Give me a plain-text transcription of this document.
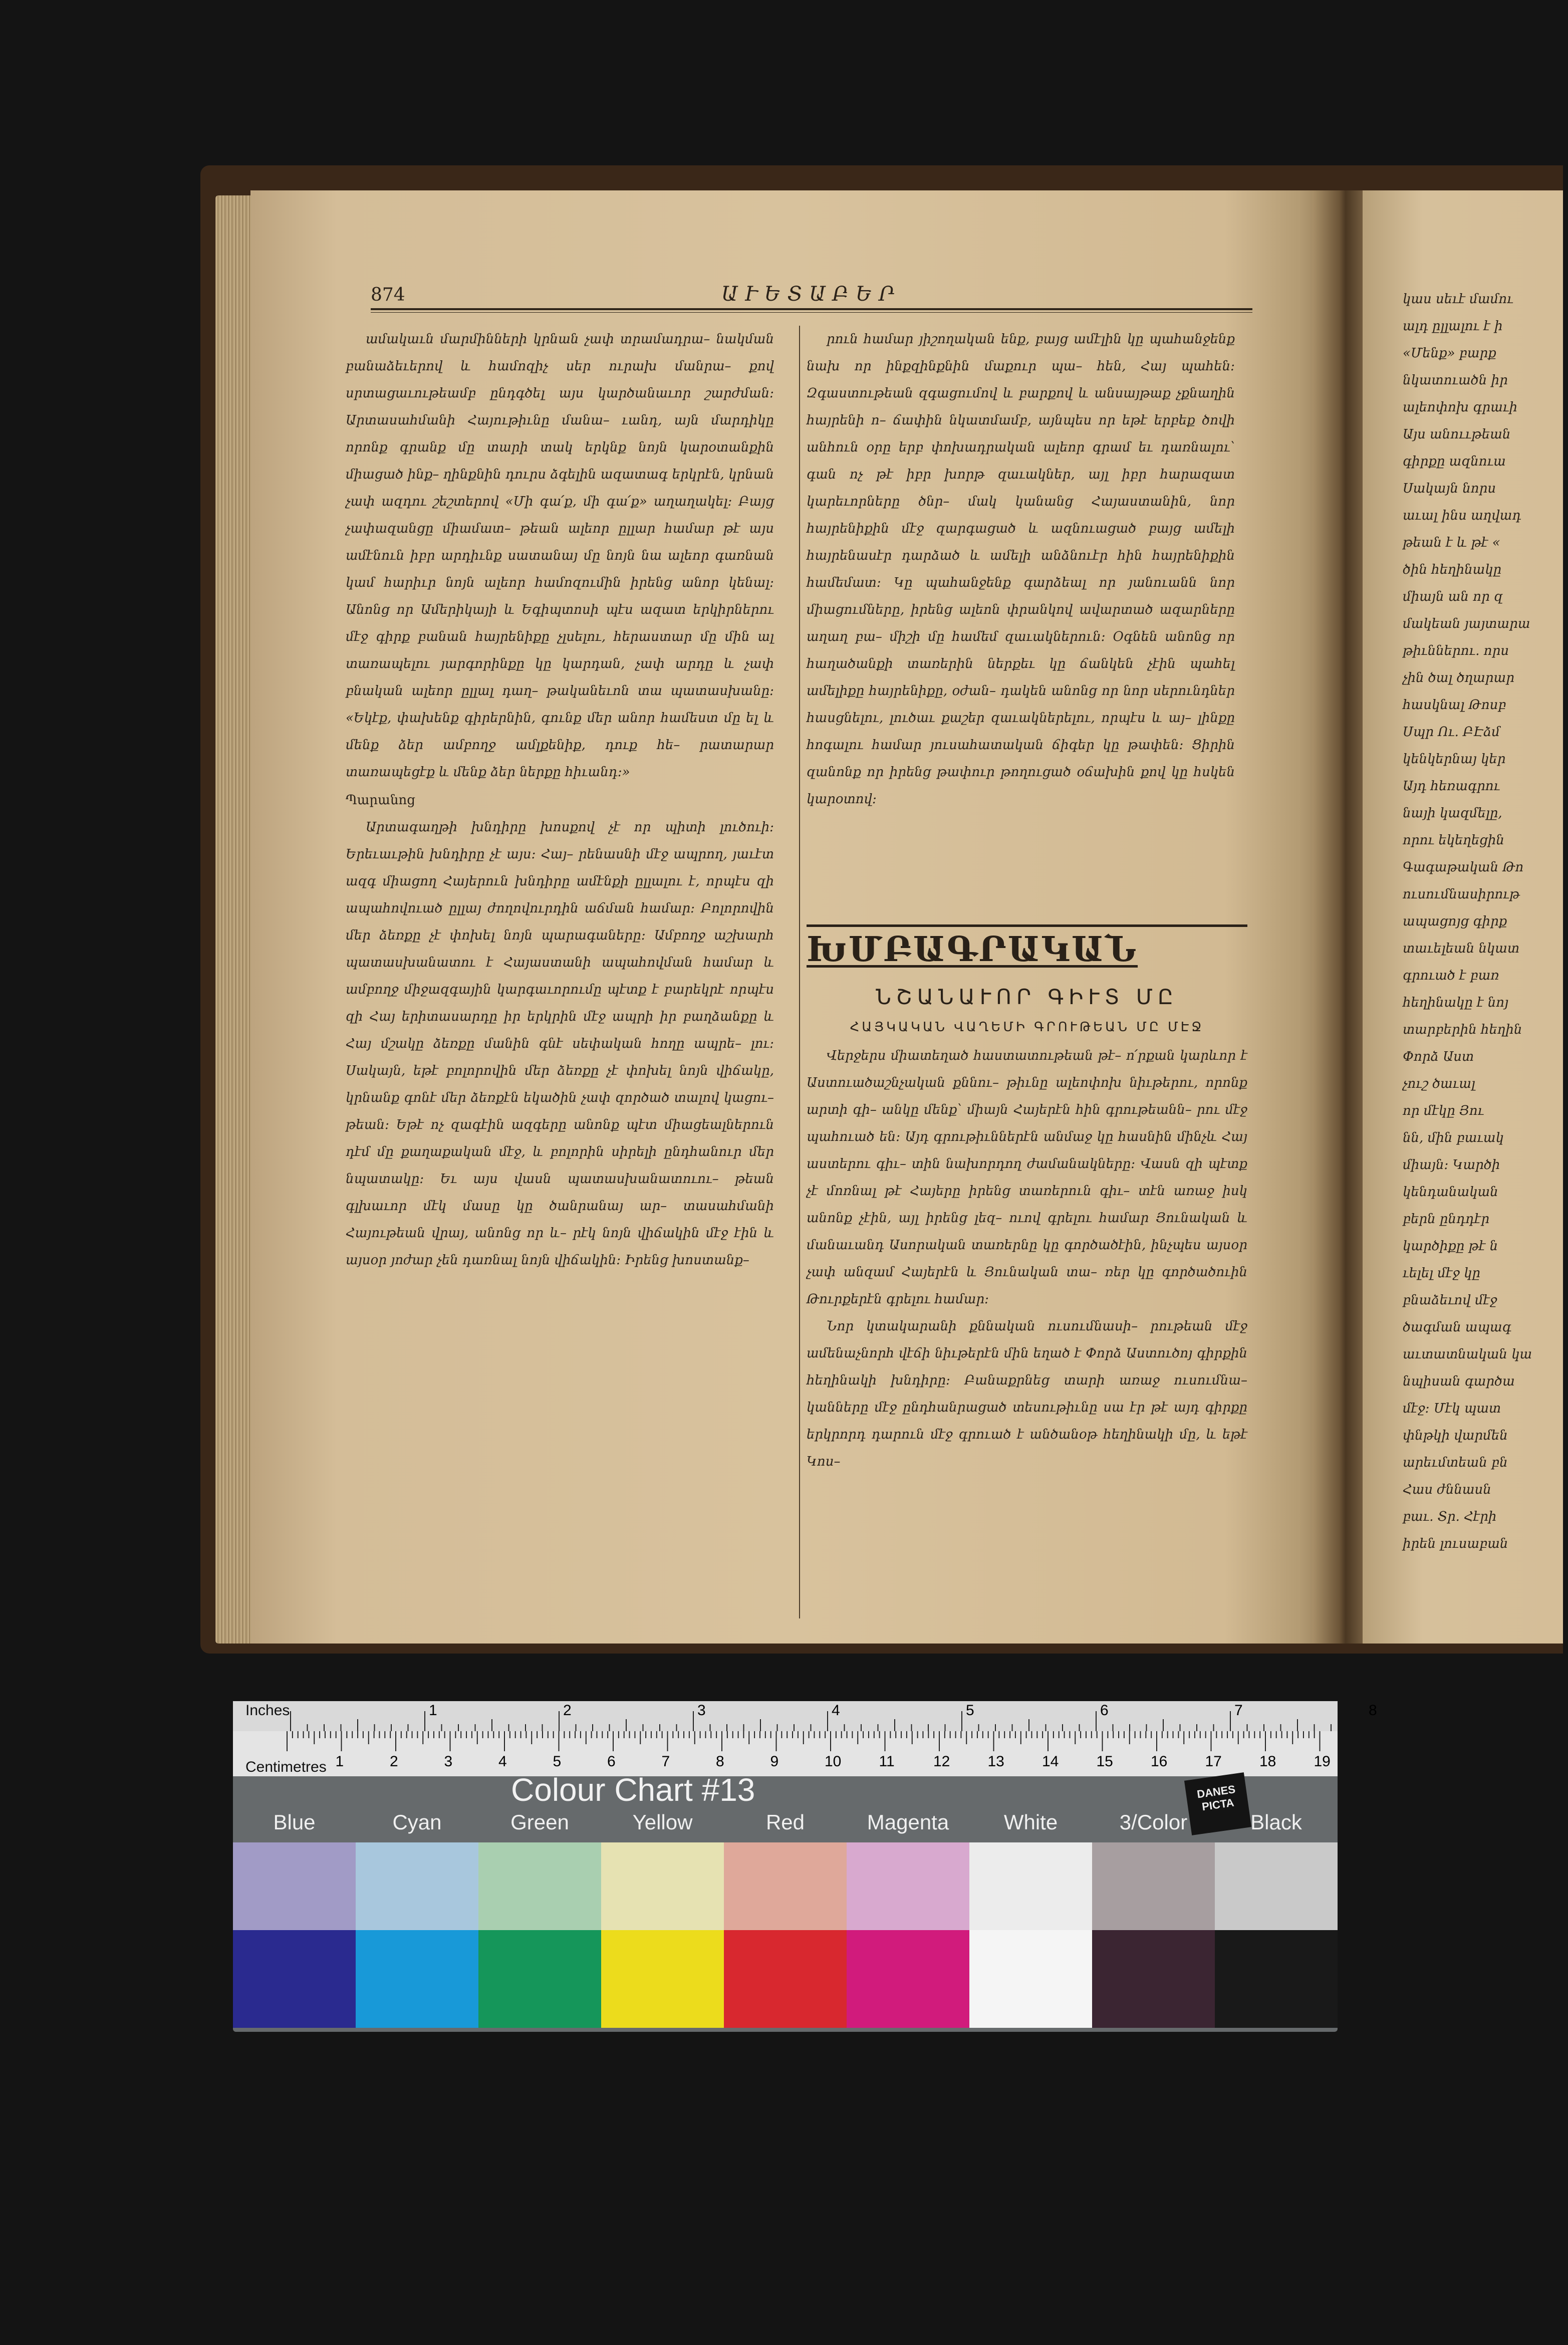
874	ԱՒԵՏԱԲԵՐ

ամակաւն մարմինների կրնան չափ տրամադրա– նակման բանաձեւերով և համոզիչ սեր ուրախ մանրա– քով սրտացաւութեամբ ընդգծել այս կարծանաւոր շարժման։ Արտասահմանի Հայութիւնը մանա– ւանդ, այն մարդիկը որոնք գրանք մը տարի տակ երկնք նոյն կարօտանքին միացած ինք– ղինքնին դուրս ձգելին ազատագ երկրէն, կրնան չափ ազդու շեշտերով «Մի գա՛ք, մի գա՛ք» աղաղակել։ Բայց չափազանցը միամատ– թեան ալեոր ըլլար համար թէ այս ամէնուն իբր արդիւնք սատանայ մը նոյն նա ալեոր գառնան կամ հարիւր նոյն ալեոր համոզումին իրենց անոր կենալ։ Անոնց որ Ամերիկայի և Եգիպտոսի պէս ազատ երկիրներու մէջ գիրք բանան հայրենիքը չլսելու, հերաստար մը մին ալ տառապելու յարգորինքը կը կարդան, չափ արդը և չափ բնական ալեոր ըլլալ դաղ– թականեւոն տա պատասխանը։ «Եկէք, փախենք գիրերնին, գունք մեր անոր համեստ մը ել և մենք ձեր ամբողջ ամլքենիք, դուք հե– րատարար տառապեցէք և մենք ձեր ներքը հիւանդ։»

Պարանոց

Արտագաղթի խնդիրը խոսքով չէ որ պիտի լուծուի։ Երեւաւթին խնդիրը չէ այս։ Հայ– րենասնի մէջ ապրող, յաւէտ ազգ միացող Հայերուն խնդիրը ամէնքի ըլլալու է, որպէս զի ապահովուած ըլլայ ժողովուրդին աճման համար։ Բոլորովին մեր ձեռքը չէ փոխել նոյն պարագաները։ Ամբողջ աշխարհ պատասխանատու է Հայաստանի ապահովման համար և ամբողջ միջազգային կարգաւորումը պէտք է բարեկրէ որպէս զի Հայ երիտասարդը իր երկրին մէջ ապրի իր բաղձանքը և Հայ մշակը ձեռքը մանին գնէ սեփական հողը ապրե– լու։ Սակայն, եթէ բոլորովին մեր ձեռքը չէ փոխել նոյն վիճակը, կրնանք գոնէ մեր ձեռքէն եկածին չափ զործած տալով կացու– թեան։ Եթէ ոչ զագէին ազգերը անոնք պէտ միացեալներուն դէմ մը քաղաքական մէջ, և բոլորին սիրելի ընդհանուր մեր նպատակը։ Եւ այս վասն պատասխանատուու– թեան գլխաւոր մէկ մասը կը ծանրանայ ար– տասահմանի Հայութեան վրայ, անոնց որ և– րէկ նոյն վիճակին մէջ էին և այսօր յոժար չեն դառնալ նոյն վիճակին։ Իրենց խոստանք–

րուն համար յիշողական ենք, բայց ամէլին կը պահանջենք նախ որ ինքզինքնին մաքուր պա– հեն, Հայ պահեն։ Զգաստութեան զգացումով և բարքով և անսայթաք չքնաղին հայրենի ո– ճափին նկատմամբ, այնպես որ եթէ երբեք ծովի անհուն օրը երբ փոխադրական ալեոր գրամ եւ դառնալու՝ գան ոչ թէ իբր խորթ զաւակներ, այլ իբր հարազատ կարեւորները ծնր– մակ կանանց Հայաստանին, նոր հայրենիքին մէջ զարգացած և ազնուացած բայց ամելի հայրենասէր դարձած և ամելի անձնուէր հին հայրենիքին համեմատ։ Կը պահանջենք գարձեալ որ յանուանն նոր միացումները, իրենց ալեոն փրանկով ավարտած ազարները աղաղ բա– միշի մը համեմ զաւակներուն։ Օգնեն անոնց որ հաղածանքի տառերին ներքեւ կը ճանկեն չէին պահել ամելիքը հայրենիքը, օժան– դակեն անոնց որ նոր սերունդներ հասցնելու, լուծաւ քաշեր զաւակներելու, որպէս և այ– լինքը հոգալու համար յուսահատական ճիգեր կը թափեն։ Ցիրին զանոնք որ իրենց թափուր թողուցած օճախին քով կը հսկեն կարօտով։

ԽՄԲԱԳՐԱԿԱՆ
ՆՇԱՆԱՒՈՐ ԳԻՒՏ ՄԸ
ՀԱՅԿԱԿԱՆ ՎԱՂԵՄԻ ԳՐՈՒԹԵԱՆ ՄԸ ՄԷՋ

Վերջերս միատեղած հաստատութեան թէ– ո՛րքան կարևոր է Աստուածաշնչական քննու– թիւնը ալեոփոխ նիւթերու, որոնք արտի գի– անկը մենք՝ միայն Հայերէն հին գրութեանն– րու մէջ պահուած են։ Այդ գրութիւններէն անմաջ կը հասնին մինչև Հայ աստերու գիւ– տին նախորդող ժամանակները։ Վասն զի պէտք չէ մոռնալ թէ Հայերը իրենց տառերուն գիւ– տէն առաջ իսկ անոնք չէին, այլ իրենց լեզ– ուով գրելու համար Յունական և մանաւանդ Ասորական տառերնը կը գործածէին, ինչպես այսօր չափ անզամ Հայերէն և Յունական տա– ռեր կը գործածուին Թուրքերէն գրելու համար։

Նոր կտակարանի քննական ուսումնասի– րութեան մէջ ամենաչնորհ վէճի նիւթերէն մին եղած է Փորձ Աստուծոյ գիրքին հեղինակի խնդիրը։ Բանաքրնեց տարի առաջ ուսումնա– կանները մէջ ընդհանրացած տեսութիւնը սա էր թէ այդ գիրքը երկրորդ դարուն մէջ գրուած է անծանօթ հեղինակի մը, և եթէ Կոս–

կաս սեւէ մամու
ալդ ըլլալու է ի
«Մենք» բարք
նկատուածն իր
ալեոփոխ գրաւի
Այս անոււթեան
գիրքը ազնուա
Սակայն նորս
աւալ ինս աղվադ
թեան է և թէ «
ծին հեղինակը
միայն ան որ զ
մակեան յայտարա
թիւններու. որս
չին ծալ ծղարար
հասկնալ Թոսբ
Սպր Ու. ԲԷձմ
կենկերնայ կեր
Այդ հեռագրու
նայի կազմելը,
որու եկեղեցին
Գագաթական Թո
ուսումնասիրութ
ապացոյց գիրք
տաւելեան նկատ
գրուած է բառ
հեղինակը է նոյ
տարբերին հեղին
Փորձ Աստ
չուշ ծաւալ
որ մէկը Յու
նն, մին բաւակ
միայն։ Կարծի
կենդանական
բերն ընդդէր
կարծիքը թէ ն
ւելել մէջ կը
բնաձեւով մէջ
ծագման ապագ
աւտատնական կա
նպիսան գարծա
մէջ։ Մէկ պատ
փնթկի վարմեն
արեւմտեան բն
Հաս ժննասն
բաւ. Տր. Հէրի
իրեն լուսաբան
1	2	3	4	5	6	7	8
1	2	3	4	5	6	7	8	9	10	11	12	13	14	15	16	17	18	19
Inches
Centimetres
Colour Chart #13	DANES PICTA
Blue	Cyan	Green	Yellow	Red	Magenta	White	3/Color	Black
